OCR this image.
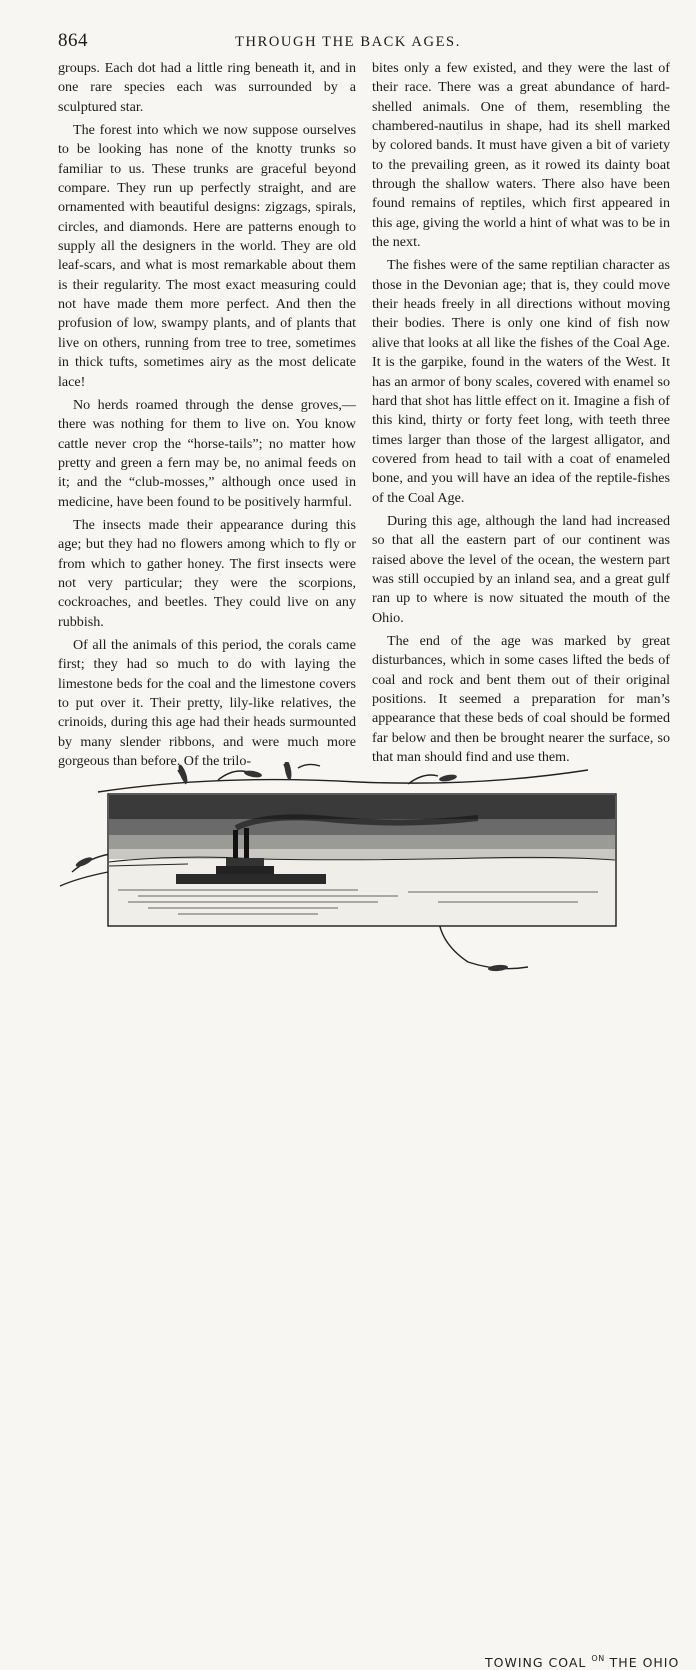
864	THROUGH THE BACK AGES.

groups. Each dot had a little ring beneath it, and in one rare species each was surrounded by a sculptured star.

The forest into which we now suppose ourselves to be looking has none of the knotty trunks so familiar to us. These trunks are graceful beyond compare. They run up perfectly straight, and are ornamented with beautiful designs: zigzags, spirals, circles, and diamonds. Here are patterns enough to supply all the designers in the world. They are old leaf-scars, and what is most remarkable about them is their regularity. The most exact measuring could not have made them more perfect. And then the profusion of low, swampy plants, and of plants that live on others, running from tree to tree, sometimes in thick tufts, sometimes airy as the most delicate lace!

No herds roamed through the dense groves,—there was nothing for them to live on. You know cattle never crop the “horse-tails”; no matter how pretty and green a fern may be, no animal feeds on it; and the “club-mosses,” although once used in medicine, have been found to be positively harmful.

The insects made their appearance during this age; but they had no flowers among which to fly or from which to gather honey. The first insects were not very particular; they were the scorpions, cockroaches, and beetles. They could live on any rubbish.

Of all the animals of this period, the corals came first; they had so much to do with laying the limestone beds for the coal and the limestone covers to put over it. Their pretty, lily-like relatives, the crinoids, during this age had their heads surmounted by many slender ribbons, and were much more gorgeous than before. Of the trilo-

bites only a few existed, and they were the last of their race. There was a great abundance of hard-shelled animals. One of them, resembling the chambered-nautilus in shape, had its shell marked by colored bands. It must have given a bit of variety to the prevailing green, as it rowed its dainty boat through the shallow waters. There also have been found remains of reptiles, which first appeared in this age, giving the world a hint of what was to be in the next.

The fishes were of the same reptilian character as those in the Devonian age; that is, they could move their heads freely in all directions without moving their bodies. There is only one kind of fish now alive that looks at all like the fishes of the Coal Age. It is the garpike, found in the waters of the West. It has an armor of bony scales, covered with enamel so hard that shot has little effect on it. Imagine a fish of this kind, thirty or forty feet long, with teeth three times larger than those of the largest alligator, and covered from head to tail with a coat of enameled bone, and you will have an idea of the reptile-fishes of the Coal Age.

During this age, although the land had increased so that all the eastern part of our continent was raised above the level of the ocean, the western part was still occupied by an inland sea, and a great gulf ran up to where is now situated the mouth of the Ohio.

The end of the age was marked by great disturbances, which in some cases lifted the beds of coal and rock and bent them out of their original positions. It seemed a preparation for man’s appearance that these beds of coal should be formed far below and then be brought nearer the surface, so that man should find and use them.

TOWING COAL $^{ON}$ THE OHIO
